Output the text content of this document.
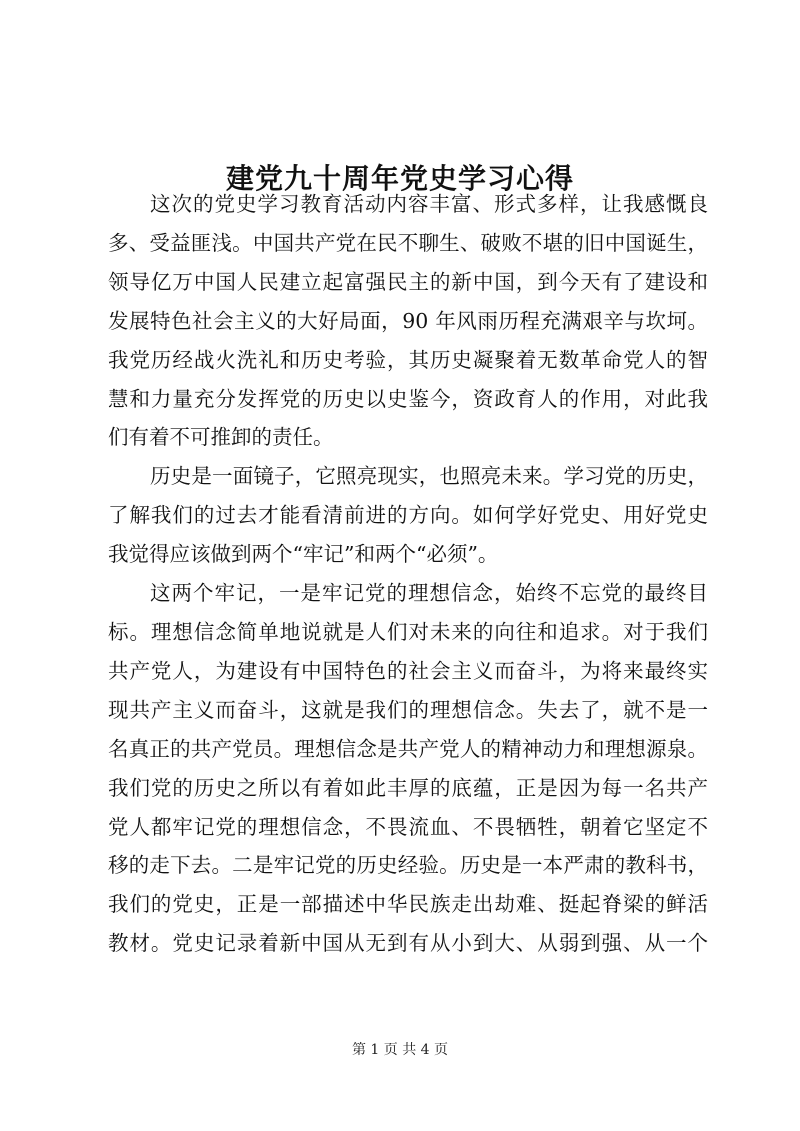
建党九十周年党史学习心得

这次的党史学习教育活动内容丰富、形式多样，让我感慨良
多、受益匪浅。中国共产党在民不聊生、破败不堪的旧中国诞生，
领导亿万中国人民建立起富强民主的新中国，到今天有了建设和
发展特色社会主义的大好局面，90 年风雨历程充满艰辛与坎坷。
我党历经战火洗礼和历史考验，其历史凝聚着无数革命党人的智
慧和力量充分发挥党的历史以史鉴今，资政育人的作用，对此我
们有着不可推卸的责任。

历史是一面镜子，它照亮现实，也照亮未来。学习党的历史，
了解我们的过去才能看清前进的方向。如何学好党史、用好党史
我觉得应该做到两个“牢记”和两个“必须”。

这两个牢记，一是牢记党的理想信念，始终不忘党的最终目
标。理想信念简单地说就是人们对未来的向往和追求。对于我们
共产党人，为建设有中国特色的社会主义而奋斗，为将来最终实
现共产主义而奋斗，这就是我们的理想信念。失去了，就不是一
名真正的共产党员。理想信念是共产党人的精神动力和理想源泉。
我们党的历史之所以有着如此丰厚的底蕴，正是因为每一名共产
党人都牢记党的理想信念，不畏流血、不畏牺牲，朝着它坚定不
移的走下去。二是牢记党的历史经验。历史是一本严肃的教科书，
我们的党史，正是一部描述中华民族走出劫难、挺起脊梁的鲜活
教材。党史记录着新中国从无到有从小到大、从弱到强、从一个

第 1 页 共 4 页
